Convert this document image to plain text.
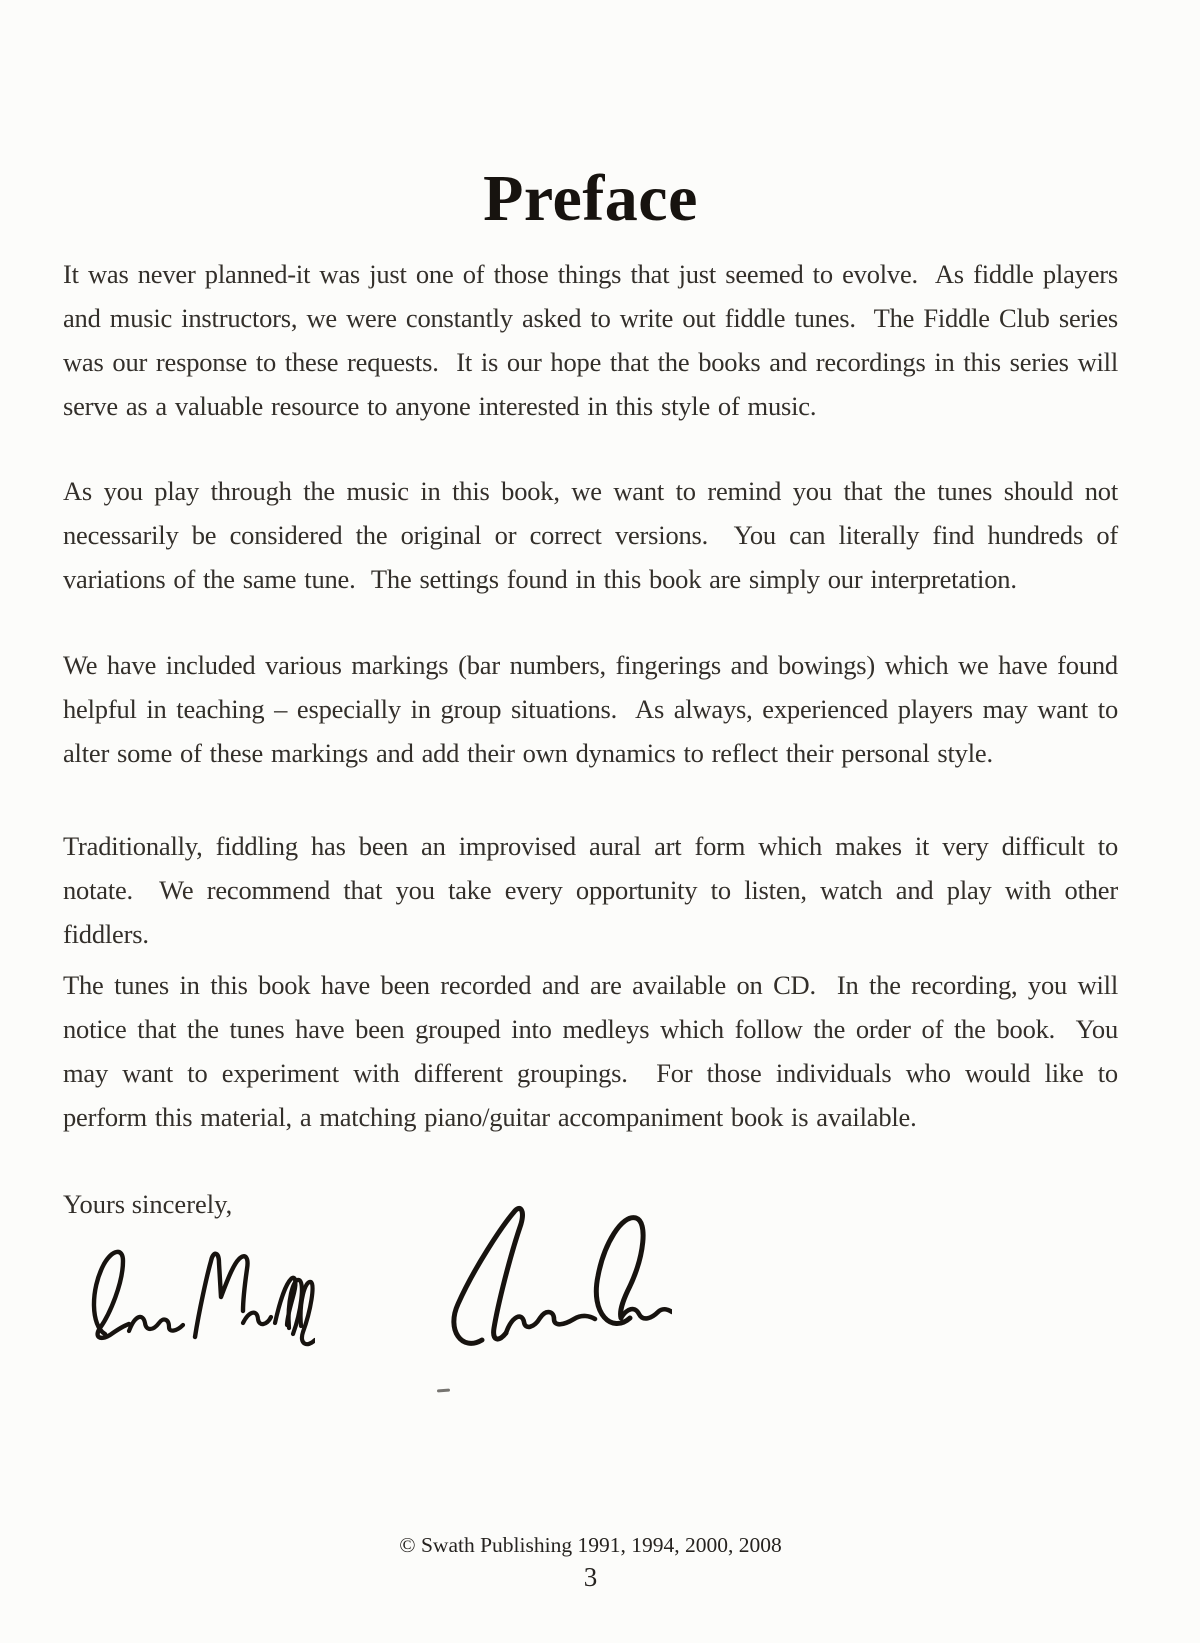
Preface

It was never planned-it was just one of those things that just seemed to evolve.  As fiddle players and music instructors, we were constantly asked to write out fiddle tunes.  The Fiddle Club series was our response to these requests.  It is our hope that the books and recordings in this series will serve as a valuable resource to anyone interested in this style of music.

As you play through the music in this book, we want to remind you that the tunes should not necessarily be considered the original or correct versions.  You can literally find hundreds of variations of the same tune.  The settings found in this book are simply our interpretation.

We have included various markings (bar numbers, fingerings and bowings) which we have found helpful in teaching – especially in group situations.  As always, experienced players may want to alter some of these markings and add their own dynamics to reflect their personal style.

Traditionally, fiddling has been an improvised aural art form which makes it very difficult to notate.  We recommend that you take every opportunity to listen, watch and play with other fiddlers.

The tunes in this book have been recorded and are available on CD.  In the recording, you will notice that the tunes have been grouped into medleys which follow the order of the book.  You may want to experiment with different groupings.  For those individuals who would like to perform this material, a matching piano/guitar accompaniment book is available.

Yours sincerely,

© Swath Publishing 1991, 1994, 2000, 2008

3
